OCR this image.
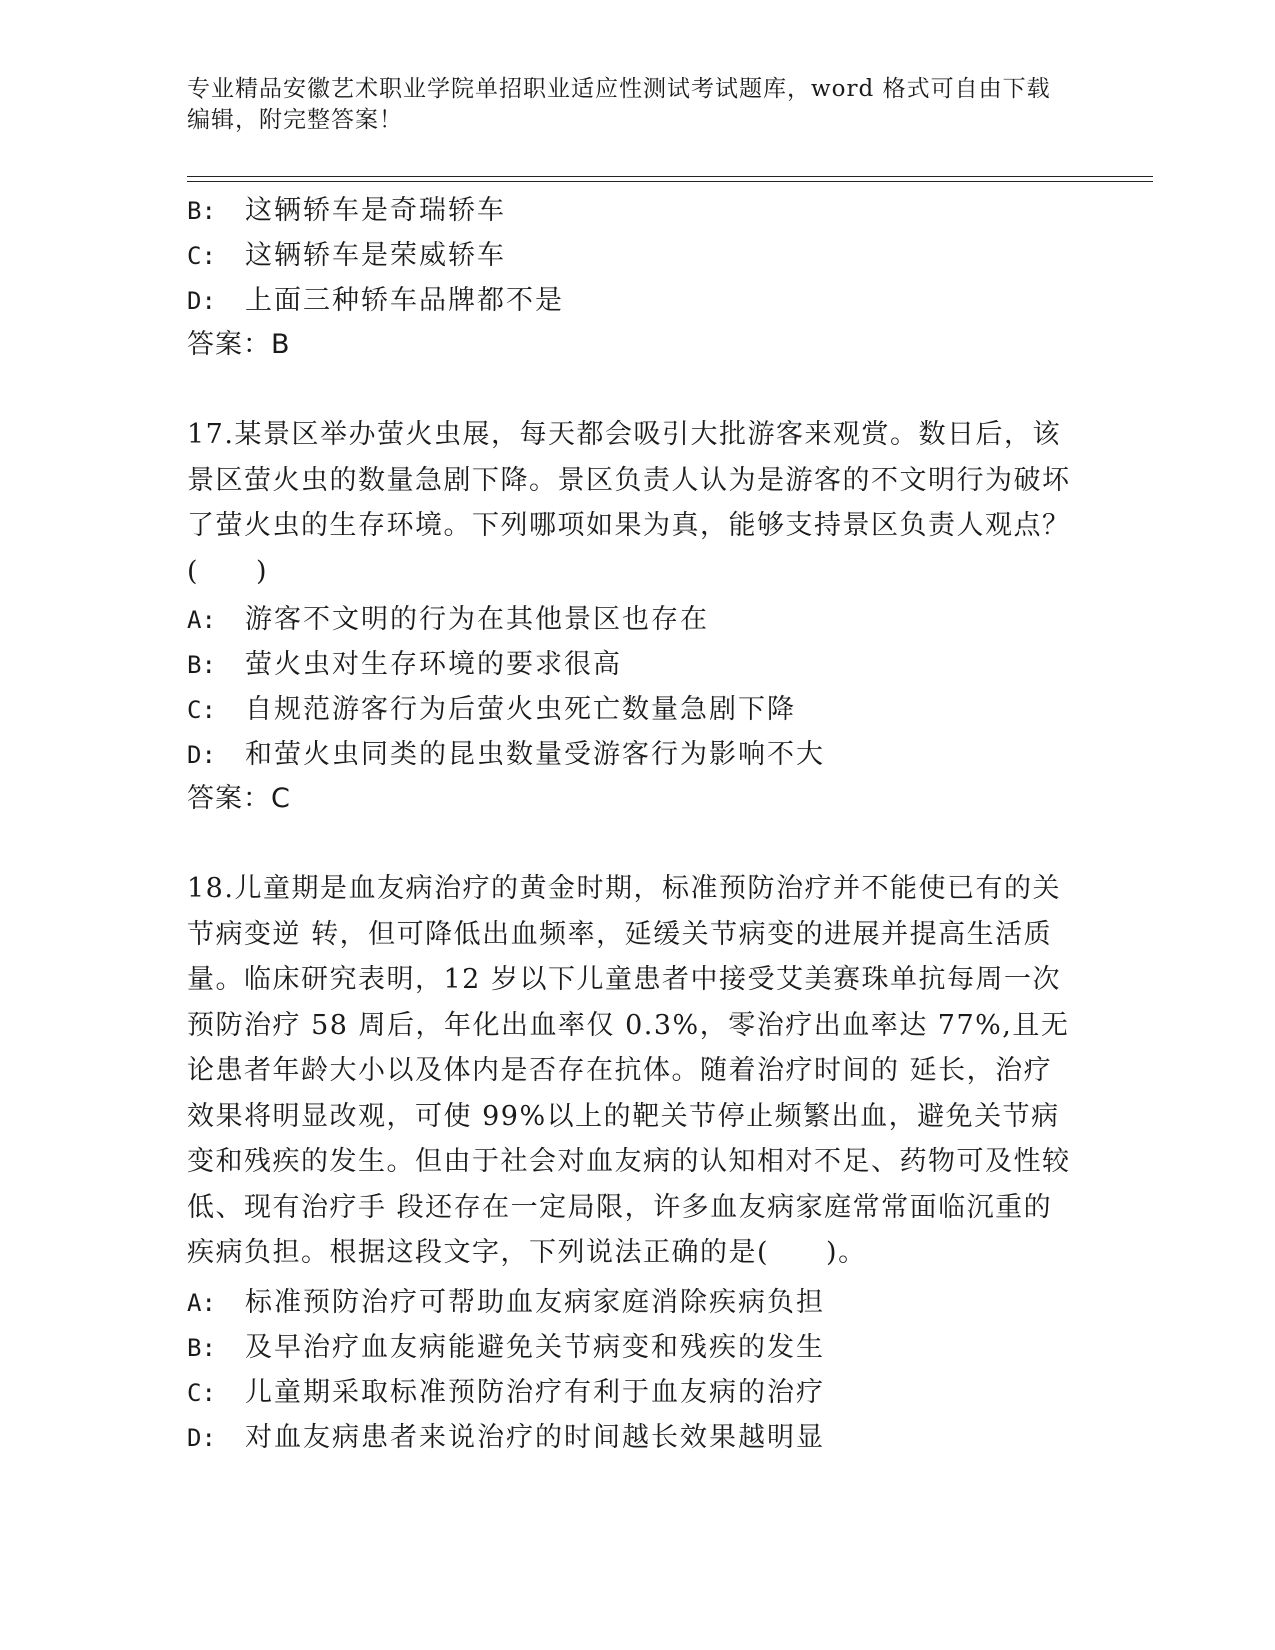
专业精品安徽艺术职业学院单招职业适应性测试考试题库，word 格式可自由下载编辑，附完整答案！
B: 这辆轿车是奇瑞轿车
C: 这辆轿车是荣威轿车
D: 上面三种轿车品牌都不是
答案：B
17.某景区举办萤火虫展，每天都会吸引大批游客来观赏。数日后，该景区萤火虫的数量急剧下降。景区负责人认为是游客的不文明行为破坏了萤火虫的生存环境。下列哪项如果为真，能够支持景区负责人观点？(　　)
A: 游客不文明的行为在其他景区也存在
B: 萤火虫对生存环境的要求很高
C: 自规范游客行为后萤火虫死亡数量急剧下降
D: 和萤火虫同类的昆虫数量受游客行为影响不大
答案：C
18.儿童期是血友病治疗的黄金时期，标准预防治疗并不能使已有的关节病变逆 转，但可降低出血频率，延缓关节病变的进展并提高生活质量。临床研究表明，12 岁以下儿童患者中接受艾美赛珠单抗每周一次预防治疗 58 周后，年化出血率仅 0.3%，零治疗出血率达 77%,且无论患者年龄大小以及体内是否存在抗体。随着治疗时间的 延长，治疗效果将明显改观，可使 99%以上的靶关节停止频繁出血，避免关节病变和残疾的发生。但由于社会对血友病的认知相对不足、药物可及性较低、现有治疗手 段还存在一定局限，许多血友病家庭常常面临沉重的疾病负担。根据这段文字，下列说法正确的是(　　)。
A: 标准预防治疗可帮助血友病家庭消除疾病负担
B: 及早治疗血友病能避免关节病变和残疾的发生
C: 儿童期采取标准预防治疗有利于血友病的治疗
D: 对血友病患者来说治疗的时间越长效果越明显
